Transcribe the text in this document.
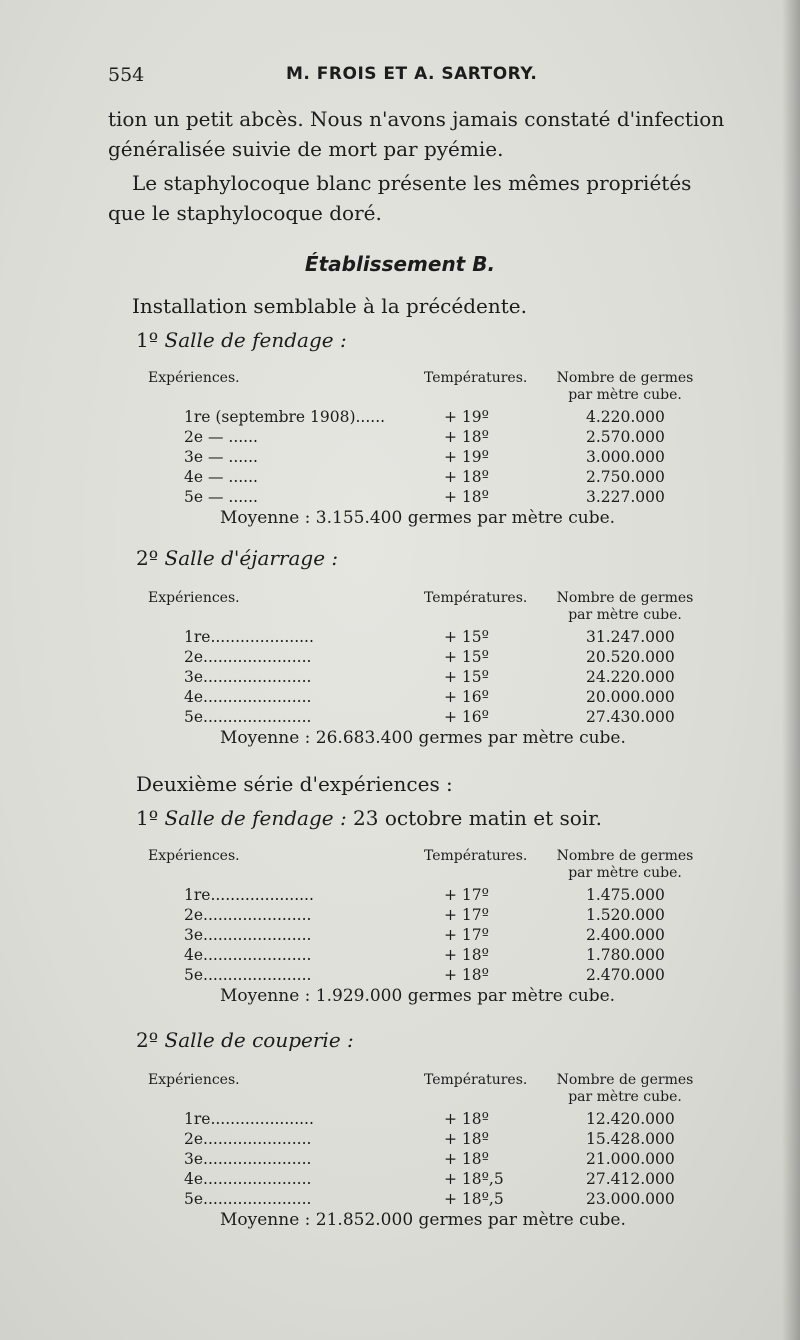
554	M. FROIS ET A. SARTORY.

tion un petit abcès. Nous n'avons jamais constaté d'infection généralisée suivie de mort par pyémie.

Le staphylocoque blanc présente les mêmes propriétés que le staphylocoque doré.

Établissement B.
Installation semblable à la précédente.
1º Salle de fendage :
Expériences.	Températures.	Nombre de germes par mètre cube.
1re (septembre 1908)......	+ 19º	4.220.000
2e — ......	+ 18º	2.570.000
3e — ......	+ 19º	3.000.000
4e — ......	+ 18º	2.750.000
5e — ......	+ 18º	3.227.000
Moyenne : 3.155.400 germes par mètre cube.
2º Salle d'éjarrage :
Expériences.	Températures.	Nombre de germes par mètre cube.
1re.....................	+ 15º	31.247.000
2e......................	+ 15º	20.520.000
3e......................	+ 15º	24.220.000
4e......................	+ 16º	20.000.000
5e......................	+ 16º	27.430.000
Moyenne : 26.683.400 germes par mètre cube.
Deuxième série d'expériences :
1º Salle de fendage : 23 octobre matin et soir.
Expériences.	Températures.	Nombre de germes par mètre cube.
1re.....................	+ 17º	1.475.000
2e......................	+ 17º	1.520.000
3e......................	+ 17º	2.400.000
4e......................	+ 18º	1.780.000
5e......................	+ 18º	2.470.000
Moyenne : 1.929.000 germes par mètre cube.
2º Salle de couperie :
Expériences.	Températures.	Nombre de germes par mètre cube.
1re.....................	+ 18º	12.420.000
2e......................	+ 18º	15.428.000
3e......................	+ 18º	21.000.000
4e......................	+ 18º,5	27.412.000
5e......................	+ 18º,5	23.000.000
Moyenne : 21.852.000 germes par mètre cube.
